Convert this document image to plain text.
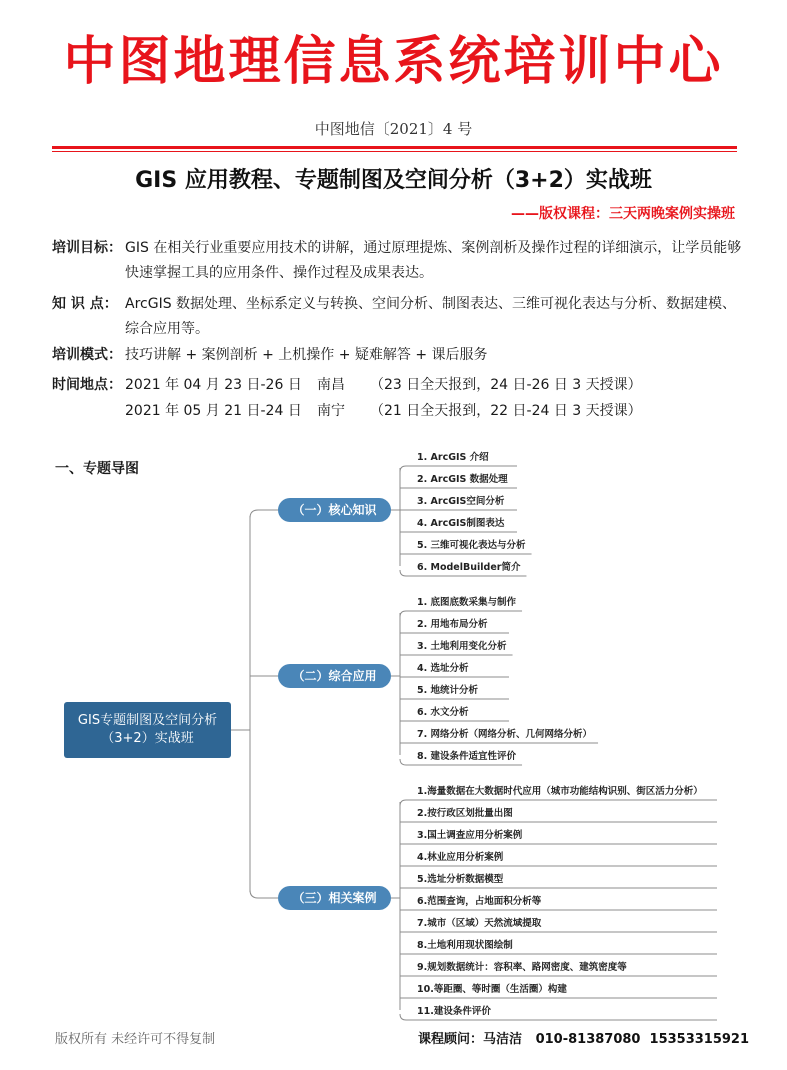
中图地理信息系统培训中心
中图地信〔2021〕4 号
GIS 应用教程、专题制图及空间分析（3+2）实战班
——版权课程：三天两晚案例实操班
培训目标： GIS 在相关行业重要应用技术的讲解，通过原理提炼、案例剖析及操作过程的详细演示，让学员能够快速掌握工具的应用条件、操作过程及成果表达。
知 识 点： ArcGIS 数据处理、坐标系定义与转换、空间分析、制图表达、三维可视化表达与分析、数据建模、综合应用等。
培训模式： 技巧讲解 + 案例剖析 + 上机操作 + 疑难解答 + 课后服务
时间地点： 2021 年 04 月 23 日-26 日 南昌 （23 日全天报到，24 日-26 日 3 天授课）
2021 年 05 月 21 日-24 日 南宁 （21 日全天报到，22 日-24 日 3 天授课）
一、专题导图
GIS专题制图及空间分析
（3+2）实战班
（一）核心知识
1. ArcGIS 介绍
2. ArcGIS 数据处理
3. ArcGIS空间分析
4. ArcGIS制图表达
5. 三维可视化表达与分析
6. ModelBuilder简介
（二）综合应用
1. 底图底数采集与制作
2. 用地布局分析
3. 土地利用变化分析
4. 选址分析
5. 地统计分析
6. 水文分析
7. 网络分析（网络分析、几何网络分析）
8. 建设条件适宜性评价
（三）相关案例
1.海量数据在大数据时代应用（城市功能结构识别、街区活力分析）
2.按行政区划批量出图
3.国土调查应用分析案例
4.林业应用分析案例
5.选址分析数据模型
6.范围查询，占地面积分析等
7.城市（区域）天然流域提取
8.土地利用现状图绘制
9.规划数据统计：容积率、路网密度、建筑密度等
10.等距圈、等时圈（生活圈）构建
11.建设条件评价
版权所有 未经许可不得复制	课程顾问：马洁洁   010-81387080  15353315921
